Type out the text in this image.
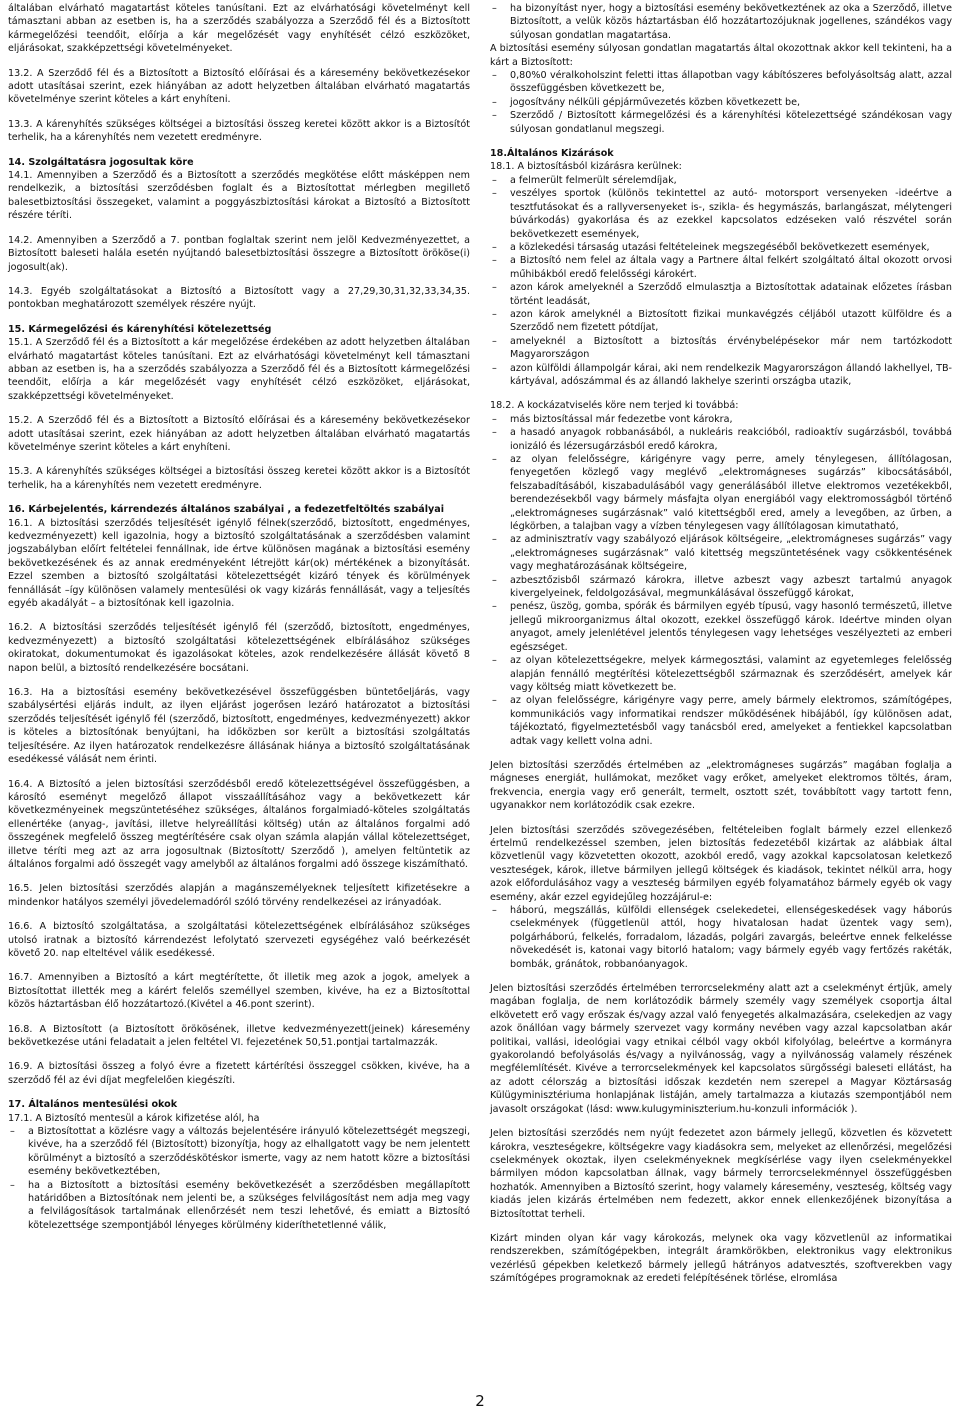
általában elvárható magatartást köteles tanúsítani. Ezt az elvárhatósági követelményt kell támasztani abban az esetben is, ha a szerződés szabályozza a Szerződő fél és a Biztosított kármegelőzési teendőit, előírja a kár megelőzését vagy enyhítését célzó eszközöket, eljárásokat, szakképzettségi követelményeket.

13.2. A Szerződő fél és a Biztosított a Biztosító előírásai és a káresemény bekövetkezésekor adott utasításai szerint, ezek hiányában az adott helyzetben általában elvárható magatartás követelménye szerint köteles a kárt enyhíteni.

13.3. A kárenyhítés szükséges költségei a biztosítási összeg keretei között akkor is a Biztosítót terhelik, ha a kárenyhítés nem vezetett eredményre.

14. Szolgáltatásra jogosultak köre

14.1. Amennyiben a Szerződő és a Biztosított a szerződés megkötése előtt másképpen nem rendelkezik, a biztosítási szerződésben foglalt és a Biztosítottat mérlegben megillető balesetbiztosítási összegeket, valamint a poggyászbiztosítási károkat a Biztosító a Biztosított részére téríti.

14.2. Amennyiben a Szerződő a 7. pontban foglaltak szerint nem jelöl Kedvezményezettet, a Biztosított baleseti halála esetén nyújtandó balesetbiztosítási összegre a Biztosított örököse(i) jogosult(ak).

14.3. Egyéb szolgáltatásokat a Biztosító a Biztosított vagy a 27,29,30,31,32,33,34,35. pontokban meghatározott személyek részére nyújt.

15. Kármegelőzési és kárenyhítési kötelezettség

15.1. A Szerződő fél és a Biztosított a kár megelőzése érdekében az adott helyzetben általában elvárható magatartást köteles tanúsítani. Ezt az elvárhatósági követelményt kell támasztani abban az esetben is, ha a szerződés szabályozza a Szerződő fél és a Biztosított kármegelőzési teendőit, előírja a kár megelőzését vagy enyhítését célzó eszközöket, eljárásokat, szakképzettségi követelményeket.

15.2. A Szerződő fél és a Biztosított a Biztosító előírásai és a káresemény bekövetkezésekor adott utasításai szerint, ezek hiányában az adott helyzetben általában elvárható magatartás követelménye szerint köteles a kárt enyhíteni.

15.3. A kárenyhítés szükséges költségei a biztosítási összeg keretei között akkor is a Biztosítót terhelik, ha a kárenyhítés nem vezetett eredményre.

16. Kárbejelentés, kárrendezés általános szabályai , a fedezetfeltöltés szabályai

16.1. A biztosítási szerződés teljesítését igénylő félnek(szerződő, biztosított, engedményes, kedvezményezett) kell igazolnia, hogy a biztosító szolgáltatásának a szerződésben valamint jogszabályban előírt feltételei fennállnak, ide értve különösen magának a biztosítási esemény bekövetkezésének és az annak eredményeként létrejött kár(ok) mértékének a bizonyítását. Ezzel szemben a biztosító szolgáltatási kötelezettségét kizáró tények és körülmények fennállását –így különösen valamely mentesülési ok vagy kizárás fennállását, vagy a teljesítés egyéb akadályát – a biztosítónak kell igazolnia.

16.2. A biztosítási szerződés teljesítését igénylő fél (szerződő, biztosított, engedményes, kedvezményezett) a biztosító szolgáltatási kötelezettségének elbírálásához szükséges okiratokat, dokumentumokat és igazolásokat köteles, azok rendelkezésére állását követő 8 napon belül, a biztosító rendelkezésére bocsátani.

16.3. Ha a biztosítási esemény bekövetkezésével összefüggésben büntetőeljárás, vagy szabálysértési eljárás indult, az ilyen eljárást jogerősen lezáró határozatot a biztosítási szerződés teljesítését igénylő fél (szerződő, biztosított, engedményes, kedvezményezett) akkor is köteles a biztosítónak benyújtani, ha időközben sor került a biztosítási szolgáltatás teljesítésére. Az ilyen határozatok rendelkezésre állásának hiánya a biztosító szolgáltatásának esedékessé válását nem érinti.

16.4. A Biztosító a jelen biztosítási szerződésből eredő kötelezettségével összefüggésben, a károsító eseményt megelőző állapot visszaállításához vagy a bekövetkezett kár következményeinek megszüntetéséhez szükséges, általános forgalmiadó-köteles szolgáltatás ellenértéke (anyag-, javítási, illetve helyreállítási költség) után az általános forgalmi adó összegének megfelelő összeg megtérítésére csak olyan számla alapján vállal kötelezettséget, illetve téríti meg azt az arra jogosultnak (Biztosított/ Szerződő ), amelyen feltüntetik az általános forgalmi adó összegét vagy amelyből az általános forgalmi adó összege kiszámítható.

16.5. Jelen biztosítási szerződés alapján a magánszemélyeknek teljesített kifizetésekre a mindenkor hatályos személyi jövedelemadóról szóló törvény rendelkezései az irányadóak.

16.6. A biztosító szolgáltatása, a szolgáltatási kötelezettségének elbírálásához szükséges utolsó iratnak a biztosító kárrendezést lefolytató szervezeti egységéhez való beérkezését követő 20. nap elteltével válik esedékessé.

16.7. Amennyiben a Biztosító a kárt megtérítette, őt illetik meg azok a jogok, amelyek a Biztosítottat illették meg a kárért felelős személlyel szemben, kivéve, ha ez a Biztosítottal közös háztartásban élő hozzátartozó.(Kivétel a 46.pont szerint).

16.8. A Biztosított (a Biztosított örökösének, illetve kedvezményezett(jeinek) káresemény bekövetkezése utáni feladatait a jelen feltétel VI. fejezetének 50,51.pontjai tartalmazzák.

16.9. A biztosítási összeg a folyó évre a fizetett kártérítési összeggel csökken, kivéve, ha a szerződő fél az évi díjat megfelelően kiegészíti.

17. Általános mentesülési okok

17.1. A Biztosító mentesül a károk kifizetése alól, ha

– a Biztosítottat a közlésre vagy a változás bejelentésére irányuló kötelezettségét megszegi, kivéve, ha a szerződő fél (Biztosított) bizonyítja, hogy az elhallgatott vagy be nem jelentett körülményt a biztosító a szerződéskötéskor ismerte, vagy az nem hatott közre a biztosítási esemény bekövetkeztében,
– ha a Biztosított a biztosítási esemény bekövetkezését a szerződésben megállapított határidőben a Biztosítónak nem jelenti be, a szükséges felvilágosítást nem adja meg vagy a felvilágosítások tartalmának ellenőrzését nem teszi lehetővé, és emiatt a Biztosító kötelezettsége szempontjából lényeges körülmény kideríthetetlenné válik,
– ha bizonyítást nyer, hogy a biztosítási esemény bekövetkeztének az oka a Szerződő, illetve Biztosított, a velük közös háztartásban élő hozzátartozójuknak jogellenes, szándékos vagy súlyosan gondatlan magatartása.

A biztosítási esemény súlyosan gondatlan magatartás által okozottnak akkor kell tekinteni, ha a kárt a Biztosított:

– 0,80%0 véralkoholszint feletti ittas állapotban vagy kábítószeres befolyásoltság alatt, azzal összefüggésben következett be,
– jogosítvány nélküli gépjárművezetés közben következett be,
– Szerződő / Biztosított kármegelőzési és a kárenyhítési kötelezettségé szándékosan vagy súlyosan gondatlanul megszegi.
18.Általános Kizárások

18.1. A biztosításból kizárásra kerülnek:

– a felmerült felmerült sérelemdíjak,
– veszélyes sportok (különös tekintettel az autó- motorsport versenyeken -ideértve a tesztfutásokat és a rallyversenyeket is-, szikla- és hegymászás, barlangászat, mélytengeri búvárkodás) gyakorlása és az ezekkel kapcsolatos edzéseken való részvétel során bekövetkezett események,
– a közlekedési társaság utazási feltételeinek megszegéséből bekövetkezett események,
– a Biztosító nem felel az általa vagy a Partnere által felkért szolgáltató által okozott orvosi műhibákból eredő felelősségi károkért.
– azon károk amelyeknél a Szerződő elmulasztja a Biztosítottak adatainak előzetes írásban történt leadását,
– azon károk amelyknél a Biztosított fizikai munkavégzés céljából utazott külföldre és a Szerződő nem fizetett pótdíjat,
– amelyeknél a Biztosított a biztosítás érvénybelépésekor már nem tartózkodott Magyarországon
– azon külföldi állampolgár kárai, aki nem rendelkezik Magyarországon állandó lakhellyel, TB-kártyával, adószámmal és az állandó lakhelye szerinti országba utazik,

18.2. A kockázatviselés köre nem terjed ki továbbá:

– más biztosítással már fedezetbe vont károkra,
– a hasadó anyagok robbanásából, a nukleáris reakcióból, radioaktív sugárzásból, továbbá ionizáló és lézersugárzásból eredő károkra,
– az olyan felelősségre, kárigényre vagy perre, amely ténylegesen, állítólagosan, fenyegetően közlegő vagy meglévő „elektromágneses sugárzás” kibocsátásából, felszabadításából, kiszabadulásából vagy generálásából illetve elektromos vezetékekből, berendezésekből vagy bármely másfajta olyan energiából vagy elektromosságból történő „elektromágneses sugárzásnak” való kitettségből ered, amely a levegőben, az űrben, a légkörben, a talajban vagy a vízben ténylegesen vagy állítólagosan kimutatható,
– az adminisztratív vagy szabályozó eljárások költségeire, „elektromágneses sugárzás” vagy „elektromágneses sugárzásnak” való kitettség megszüntetésének vagy csökkentésének vagy meghatározásának költségeire,
– azbesztőzisből származó károkra, illetve azbeszt vagy azbeszt tartalmú anyagok kivergelyeinek, feldolgozásával, megmunkálásával összefüggő károkat,
– penész, üszög, gomba, spórák és bármilyen egyéb típusú, vagy hasonló természetű, illetve jellegű mikroorganizmus által okozott, ezekkel összefüggő károk. Ideértve minden olyan anyagot, amely jelenlétével jelentős ténylegesen vagy lehetséges veszélyezteti az emberi egészséget.
– az olyan kötelezettségekre, melyek kármegosztási, valamint az egyetemleges felelősség alapján fennálló megtérítési kötelezettségből származnak és szerződésért, amelyek kár vagy költség miatt következett be.
– az olyan felelősségre, kárigényre vagy perre, amely bármely elektromos, számítógépes, kommunikációs vagy informatikai rendszer működésének hibájából, így különösen adat, tájékoztató, figyelmeztetésből vagy tanácsból ered, amelyeket a fentiekkel kapcsolatban adtak vagy kellett volna adni.

Jelen biztosítási szerződés értelmében az „elektromágneses sugárzás” magában foglalja a mágneses energiát, hullámokat, mezőket vagy erőket, amelyeket elektromos töltés, áram, frekvencia, energia vagy erő generált, termelt, osztott szét, továbbított vagy tartott fenn, ugyanakkor nem korlátozódik csak ezekre.

Jelen biztosítási szerződés szövegezésében, feltételeiben foglalt bármely ezzel ellenkező értelmű rendelkezéssel szemben, jelen biztosítás fedezetéből kizártak az alábbiak által közvetlenül vagy közvetetten okozott, azokból eredő, vagy azokkal kapcsolatosan keletkező veszteségek, károk, illetve bármilyen jellegű költségek és kiadások, tekintet nélkül arra, hogy azok előfordulásához vagy a veszteség bármilyen egyéb folyamatához bármely egyéb ok vagy esemény, akár ezzel egyidejűleg hozzájárul-e:

– háború, megszállás, külföldi ellenségek cselekedetei, ellenségeskedések vagy háborús cselekmények (függetlenül attól, hogy hivatalosan hadat üzentek vagy sem), polgárháború, felkelés, forradalom, lázadás, polgári zavargás, beleértve ennek felkelésse növekedését is, katonai vagy bitorló hatalom; vagy bármely egyéb vagy fertőzés rakéták, bombák, gránátok, robbanóanyagok.

Jelen biztosítási szerződés értelmében terrorcselekmény alatt azt a cselekményt értjük, amely magában foglalja, de nem korlátozódik bármely személy vagy személyek csoportja által elkövetett erő vagy erőszak és/vagy azzal való fenyegetés alkalmazására, cselekedjen az vagy azok önállóan vagy bármely szervezet vagy kormány nevében vagy azzal kapcsolatban akár politikai, vallási, ideológiai vagy etnikai célból vagy okból kifolyólag, beleértve a kormányra gyakorolandó befolyásolás és/vagy a nyilvánosság, vagy a nyilvánosság valamely részének megfélemlítését. Kivéve a terrorcselekmények kel kapcsolatos sürgősségi baleseti ellátást, ha az adott célország a biztosítási időszak kezdetén nem szerepel a Magyar Köztársaság Külügyminisztériuma honlapjának listáján, amely tartalmazza a kiutazás szempontjából nem javasolt országokat (lásd: www.kulugyminiszterium.hu-konzuli információk ).

Jelen biztosítási szerződés nem nyújt fedezetet azon bármely jellegű, közvetlen és közvetett károkra, veszteségekre, költségekre vagy kiadásokra sem, melyeket az ellenőrzési, megelőzési cselekmények okoztak, ilyen cselekményeknek megkísérlése vagy ilyen cselekményekkel bármilyen módon kapcsolatban állnak, vagy bármely terrorcselekménnyel összefüggésben hozhatók. Amennyiben a Biztosító szerint, hogy valamely káresemény, veszteség, költség vagy kiadás jelen kizárás értelmében nem fedezett, akkor ennek ellenkezőjének bizonyítása a Biztosítottat terheli.

Kizárt minden olyan kár vagy károkozás, melynek oka vagy közvetlenül az informatikai rendszerekben, számítógépekben, integrált áramkörökben, elektronikus vagy elektronikus vezérlésű gépekben keletkező bármely jellegű hátrányos adatvesztés, szoftverekben vagy számítógépes programoknak az eredeti felépítésének törlése, elromlása

2
